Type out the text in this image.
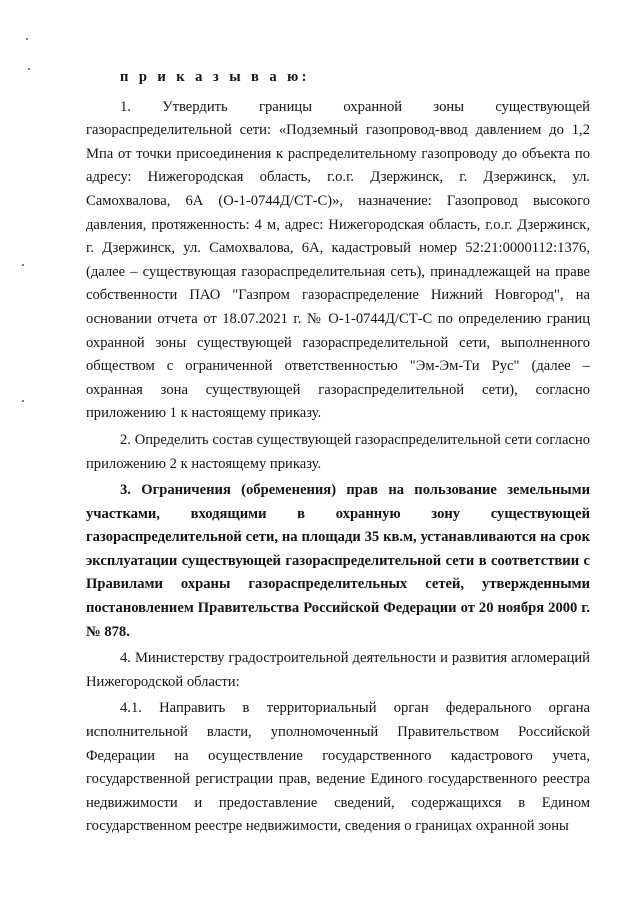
п р и к а з ы в а ю:

1. Утвердить границы охранной зоны существующей газораспределительной сети: «Подземный газопровод-ввод давлением до 1,2 Мпа от точки присоединения к распределительному газопроводу до объекта по адресу: Нижегородская область, г.о.г. Дзержинск, г. Дзержинск, ул. Самохвалова, 6А (О-1-0744Д/СТ-С)», назначение: Газопровод высокого давления, протяженность: 4 м, адрес: Нижегородская область, г.о.г. Дзержинск, г. Дзержинск, ул. Самохвалова, 6А, кадастровый номер 52:21:0000112:1376, (далее – существующая газораспределительная сеть), принадлежащей на праве собственности ПАО "Газпром газораспределение Нижний Новгород", на основании отчета от 18.07.2021 г. № О-1-0744Д/СТ-С по определению границ охранной зоны существующей газораспределительной сети, выполненного обществом с ограниченной ответственностью "Эм-Эм-Ти Рус" (далее – охранная зона существующей газораспределительной сети), согласно приложению 1 к настоящему приказу.

2. Определить состав существующей газораспределительной сети согласно приложению 2 к настоящему приказу.

3. Ограничения (обременения) прав на пользование земельными участками, входящими в охранную зону существующей газораспределительной сети, на площади 35 кв.м, устанавливаются на срок эксплуатации существующей газораспределительной сети в соответствии с Правилами охраны газораспределительных сетей, утвержденными постановлением Правительства Российской Федерации от 20 ноября 2000 г. № 878.

4. Министерству градостроительной деятельности и развития агломераций Нижегородской области:

4.1. Направить в территориальный орган федерального органа исполнительной власти, уполномоченный Правительством Российской Федерации на осуществление государственного кадастрового учета, государственной регистрации прав, ведение Единого государственного реестра недвижимости и предоставление сведений, содержащихся в Едином государственном реестре недвижимости, сведения о границах охранной зоны
